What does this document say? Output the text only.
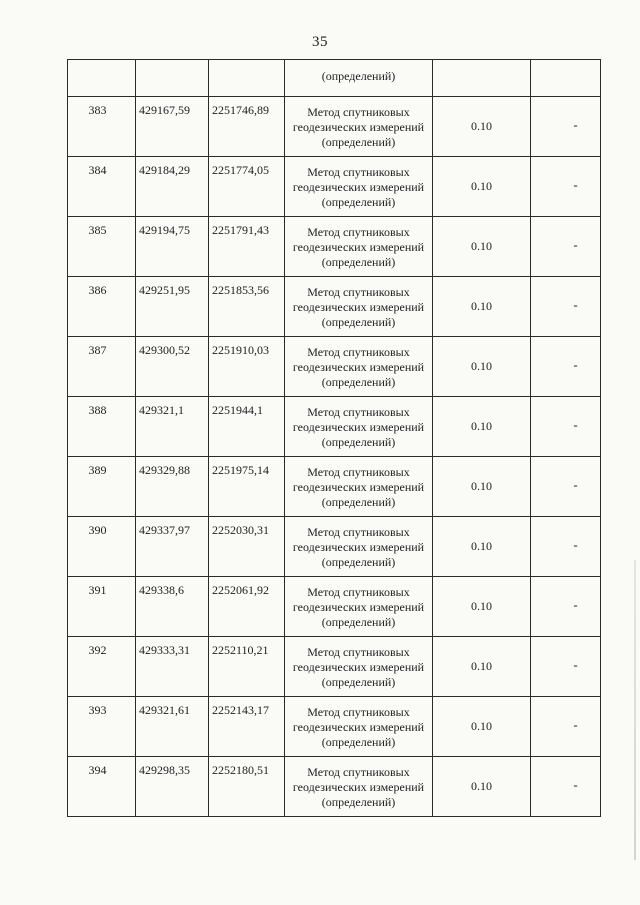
35

			(определений)		

383	429167,59	2251746,89	Метод спутниковых геодезических измерений (определений)	0.10	-

384	429184,29	2251774,05	Метод спутниковых геодезических измерений (определений)	0.10	-

385	429194,75	2251791,43	Метод спутниковых геодезических измерений (определений)	0.10	-

386	429251,95	2251853,56	Метод спутниковых геодезических измерений (определений)	0.10	-

387	429300,52	2251910,03	Метод спутниковых геодезических измерений (определений)	0.10	-

388	429321,1	2251944,1	Метод спутниковых геодезических измерений (определений)	0.10	-

389	429329,88	2251975,14	Метод спутниковых геодезических измерений (определений)	0.10	-

390	429337,97	2252030,31	Метод спутниковых геодезических измерений (определений)	0.10	-

391	429338,6	2252061,92	Метод спутниковых геодезических измерений (определений)	0.10	-

392	429333,31	2252110,21	Метод спутниковых геодезических измерений (определений)	0.10	-

393	429321,61	2252143,17	Метод спутниковых геодезических измерений (определений)	0.10	-

394	429298,35	2252180,51	Метод спутниковых геодезических измерений (определений)	0.10	-
